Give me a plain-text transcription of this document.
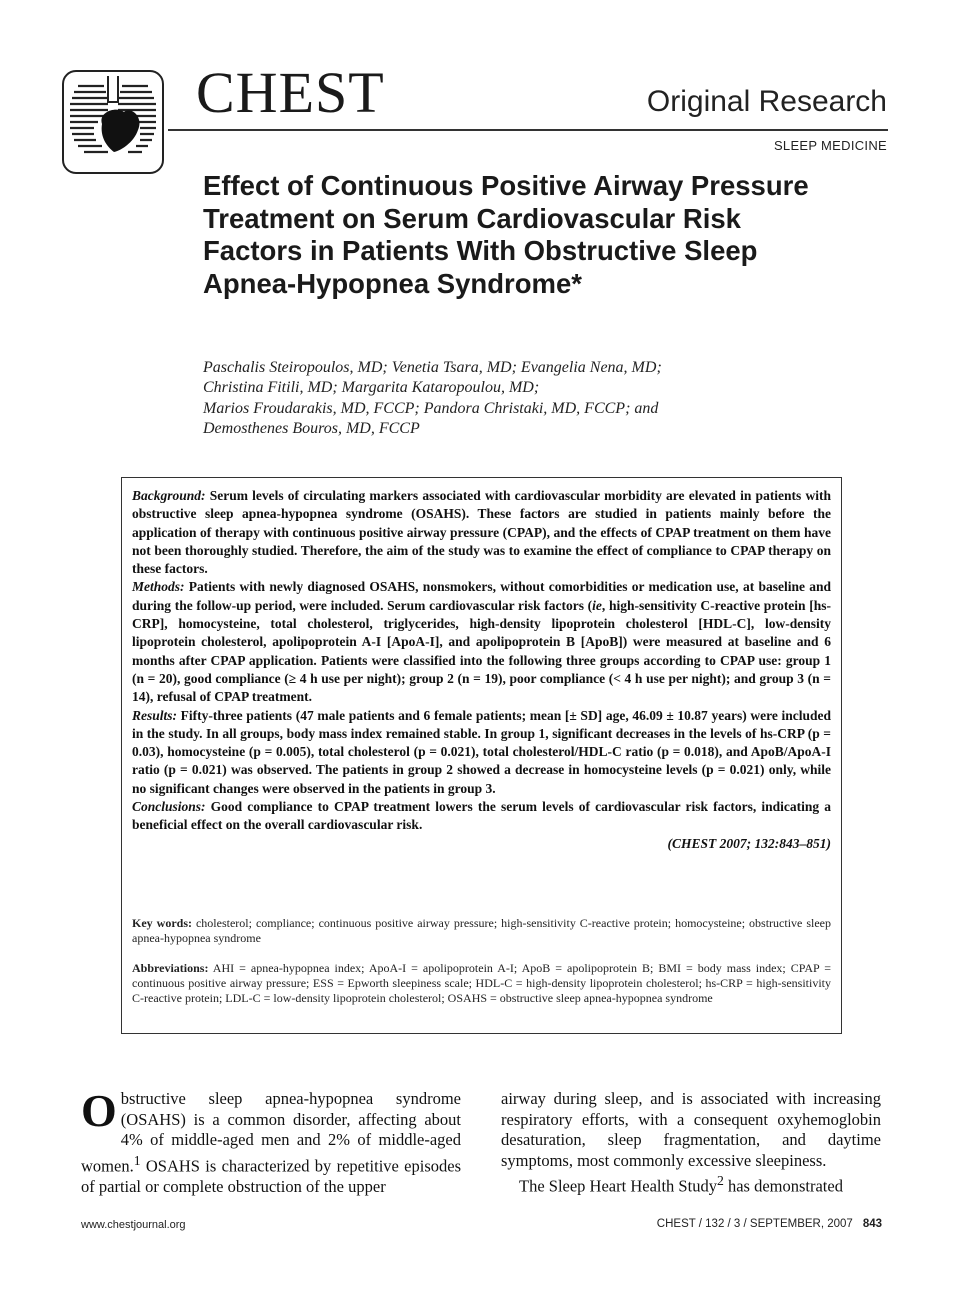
CHEST	Original Research
SLEEP MEDICINE
Effect of Continuous Positive Airway Pressure Treatment on Serum Cardiovascular Risk Factors in Patients With Obstructive Sleep Apnea-Hypopnea Syndrome*
Paschalis Steiropoulos, MD; Venetia Tsara, MD; Evangelia Nena, MD;
Christina Fitili, MD; Margarita Kataropoulou, MD;
Marios Froudarakis, MD, FCCP; Pandora Christaki, MD, FCCP; and
Demosthenes Bouros, MD, FCCP

Background: Serum levels of circulating markers associated with cardiovascular morbidity are elevated in patients with obstructive sleep apnea-hypopnea syndrome (OSAHS). These factors are studied in patients mainly before the application of therapy with continuous positive airway pressure (CPAP), and the effects of CPAP treatment on them have not been thoroughly studied. Therefore, the aim of the study was to examine the effect of compliance to CPAP therapy on these factors.

Methods: Patients with newly diagnosed OSAHS, nonsmokers, without comorbidities or medication use, at baseline and during the follow-up period, were included. Serum cardiovascular risk factors (ie, high-sensitivity C-reactive protein [hs-CRP], homocysteine, total cholesterol, triglycerides, high-density lipoprotein cholesterol [HDL-C], low-density lipoprotein cholesterol, apolipoprotein A-I [ApoA-I], and apolipoprotein B [ApoB]) were measured at baseline and 6 months after CPAP application. Patients were classified into the following three groups according to CPAP use: group 1 (n = 20), good compliance (≥ 4 h use per night); group 2 (n = 19), poor compliance (< 4 h use per night); and group 3 (n = 14), refusal of CPAP treatment.

Results: Fifty-three patients (47 male patients and 6 female patients; mean [± SD] age, 46.09 ± 10.87 years) were included in the study. In all groups, body mass index remained stable. In group 1, significant decreases in the levels of hs-CRP (p = 0.03), homocysteine (p = 0.005), total cholesterol (p = 0.021), total cholesterol/HDL-C ratio (p = 0.018), and ApoB/ApoA-I ratio (p = 0.021) was observed. The patients in group 2 showed a decrease in homocysteine levels (p = 0.021) only, while no significant changes were observed in the patients in group 3.

Conclusions: Good compliance to CPAP treatment lowers the serum levels of cardiovascular risk factors, indicating a beneficial effect on the overall cardiovascular risk.

(CHEST 2007; 132:843–851)

Key words: cholesterol; compliance; continuous positive airway pressure; high-sensitivity C-reactive protein; homocysteine; obstructive sleep apnea-hypopnea syndrome

Abbreviations: AHI = apnea-hypopnea index; ApoA-I = apolipoprotein A-I; ApoB = apolipoprotein B; BMI = body mass index; CPAP = continuous positive airway pressure; ESS = Epworth sleepiness scale; HDL-C = high-density lipoprotein cholesterol; hs-CRP = high-sensitivity C-reactive protein; LDL-C = low-density lipoprotein cholesterol; OSAHS = obstructive sleep apnea-hypopnea syndrome

Obstructive sleep apnea-hypopnea syndrome (OSAHS) is a common disorder, affecting about 4% of middle-aged men and 2% of middle-aged women.$^1$ OSAHS is characterized by repetitive episodes of partial or complete obstruction of the upper

airway during sleep, and is associated with increasing respiratory efforts, with a consequent oxyhemoglobin desaturation, sleep fragmentation, and daytime symptoms, most commonly excessive sleepiness.

The Sleep Heart Health Study$^2$ has demonstrated

www.chestjournal.org	CHEST / 132 / 3 / SEPTEMBER, 2007 843
